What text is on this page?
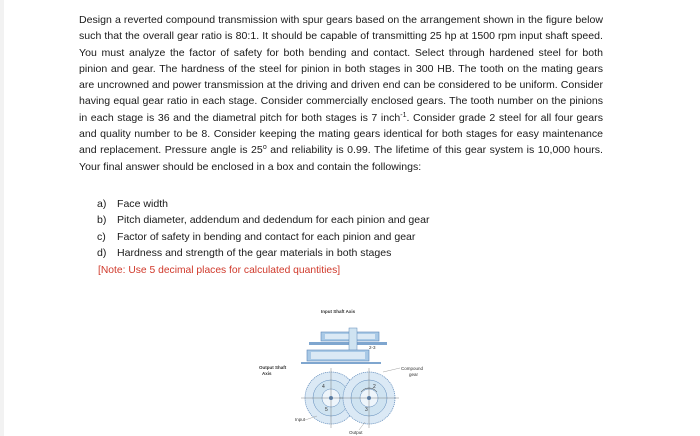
Design a reverted compound transmission with spur gears based on the arrangement shown in the figure below such that the overall gear ratio is 80:1. It should be capable of transmitting 25 hp at 1500 rpm input shaft speed. You must analyze the factor of safety for both bending and contact. Select through hardened steel for both pinion and gear. The hardness of the steel for pinion in both stages in 300 HB. The tooth on the mating gears are uncrowned and power transmission at the driving and driven end can be considered to be uniform. Consider having equal gear ratio in each stage. Consider commercially enclosed gears. The tooth number on the pinions in each stage is 36 and the diametral pitch for both stages is 7 inch$^{-1}$. Consider grade 2 steel for all four gears and quality number to be 8. Consider keeping the mating gears identical for both stages for easy maintenance and replacement. Pressure angle is 25$^o$ and reliability is 0.99. The lifetime of this gear system is 10,000 hours. Your final answer should be enclosed in a box and contain the followings:

a)	Face width
b)	Pitch diameter, addendum and dedendum for each pinion and gear
c)	Factor of safety in bending and contact for each pinion and gear
d)	Hardness and strength of the gear materials in both stages
[Note: Use 5 decimal places for calculated quantities]
Input Shaft Axis
2-3
Output Shaft
Axis
Compound
gear
4
5
2
3
Input
Output
